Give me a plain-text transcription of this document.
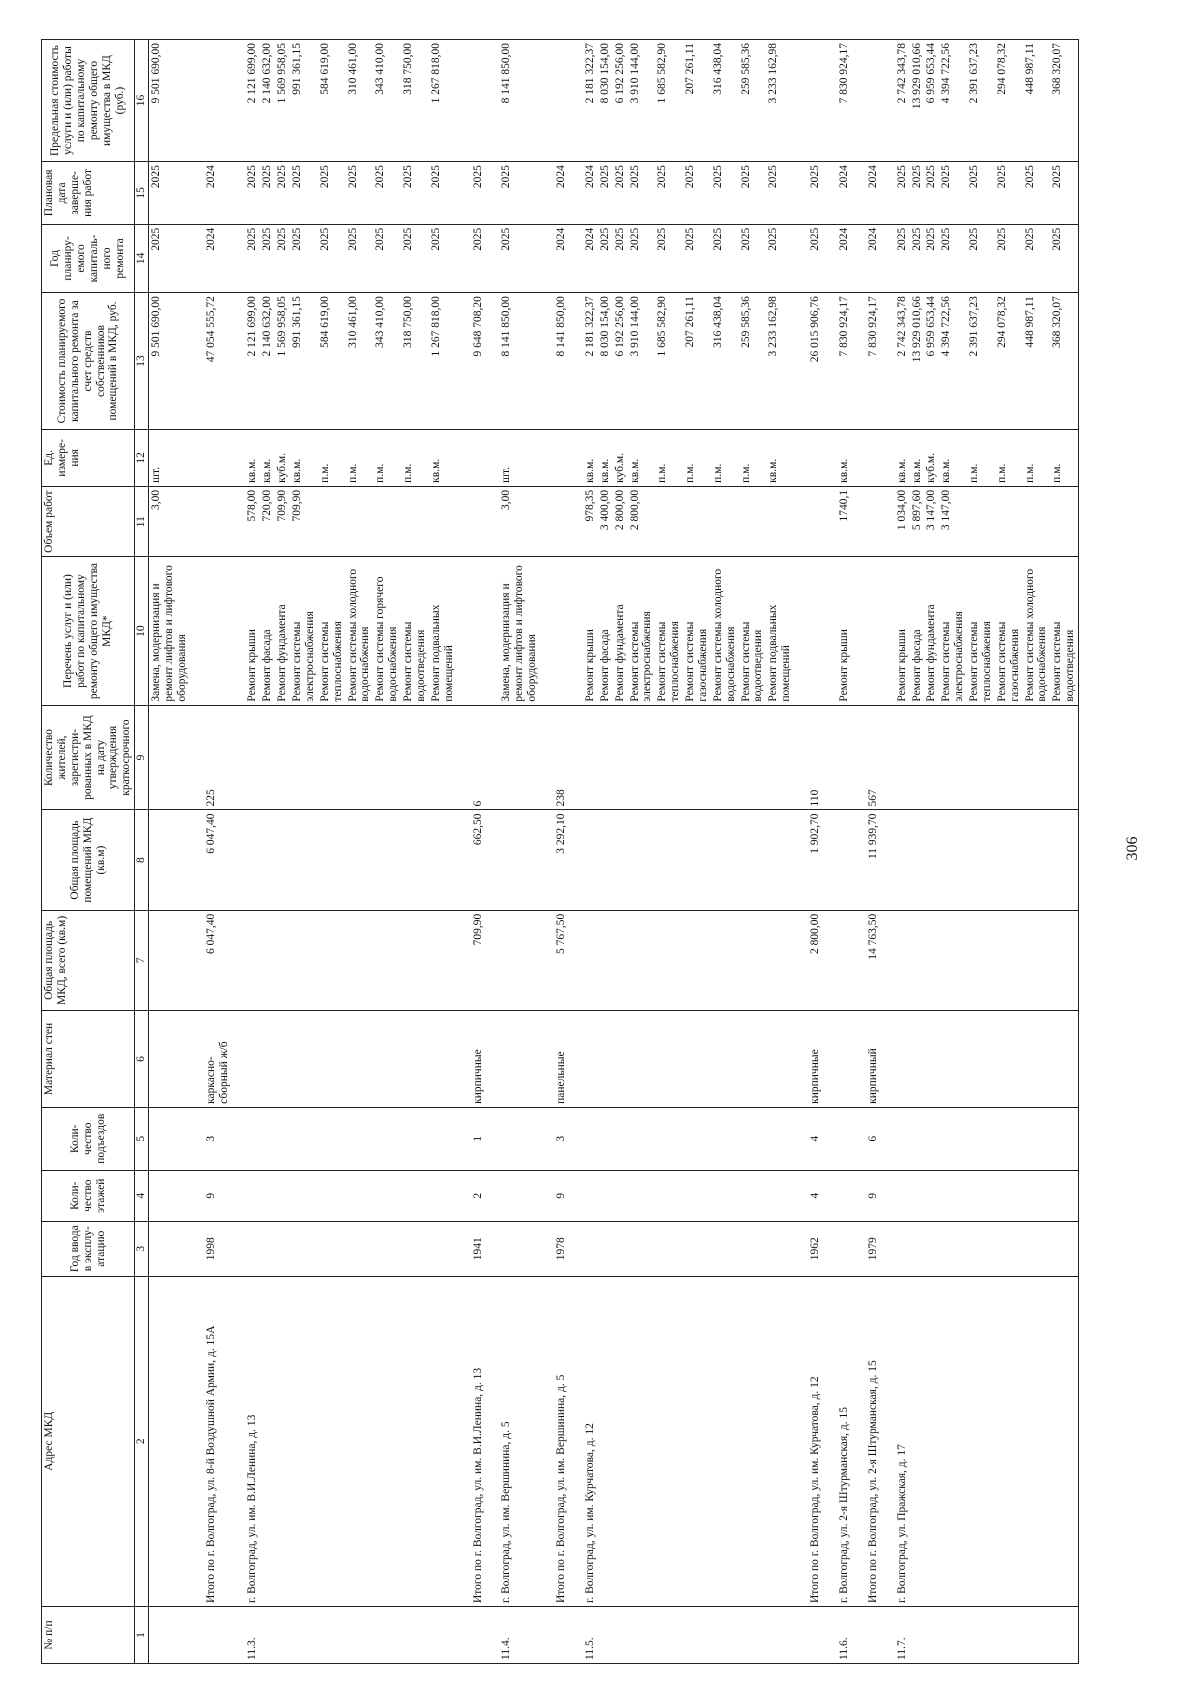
№ п/п	Адрес МКД	Год ввода в эксплу-атацию	Коли-чество этажей	Коли-чество подъездов	Материал стен	Общая площадь МКД, всего (кв.м)	Общая площадь помещений МКД (кв.м)	Количество жителей, зарегистри-рованных в МКД на дату утверждения краткосрочного	Перечень услуг и (или) работ по капитальному ремонту общего имущества МКД*	Объем работ	Ед. измере-ния	Стоимость планируемого капитального ремонта за счет средств собственников помещений в МКД, руб.	Год планиру-емого капиталь-ного ремонта	Плановая дата заверше-ния работ	Предельная стоимость услуги и (или) работы по капитальному ремонту общего имущества в МКД (руб.)
1	2	3	4	5	6	7	8	9	10	11	12	13	14	15	16
									Замена, модернизация и ремонт лифтов и лифтового оборудования	3,00	шт.	9 501 690,00	2025	2025	9 501 690,00

	Итого по г. Волгоград, ул. 8-й Воздушной Армии, д. 15А	1998	9	3	каркасно-сборный ж/б	6 047,40	6 047,40	225				47 054 555,72	2024	2024	

11.3.	г. Волгоград, ул. им. В.И.Ленина, д. 13								Ремонт крыши	578,00	кв.м.	2 121 699,00	2025	2025	2 121 699,00
									Ремонт фасада	720,00	кв.м.	2 140 632,00	2025	2025	2 140 632,00
									Ремонт фундамента	709,90	куб.м.	1 569 958,05	2025	2025	1 569 958,05
									Ремонт системы электроснабжения	709,90	кв.м.	991 361,15	2025	2025	991 361,15
									Ремонт системы теплоснабжения		п.м.	584 619,00	2025	2025	584 619,00
									Ремонт системы холодного водоснабжения		п.м.	310 461,00	2025	2025	310 461,00
									Ремонт системы горячего водоснабжения		п.м.	343 410,00	2025	2025	343 410,00
									Ремонт системы водоотведения		п.м.	318 750,00	2025	2025	318 750,00
									Ремонт подвальных помещений		кв.м.	1 267 818,00	2025	2025	1 267 818,00

	Итого по г. Волгоград, ул. им. В.И.Ленина, д. 13	1941	2	1	кирпичные	709,90	662,50	6				9 648 708,20	2025	2025	

11.4.	г. Волгоград, ул. им. Вершинина, д. 5								Замена, модернизация и ремонт лифтов и лифтового оборудования	3,00	шт.	8 141 850,00	2025	2025	8 141 850,00

	Итого по г. Волгоград, ул. им. Вершинина, д. 5	1978	9	3	панельные	5 767,50	3 292,10	238				8 141 850,00	2024	2024	

11.5.	г. Волгоград, ул. им. Курчатова, д. 12								Ремонт крыши	978,35	кв.м.	2 181 322,37	2024	2024	2 181 322,37
									Ремонт фасада	3 400,00	кв.м.	8 030 154,00	2025	2025	8 030 154,00
									Ремонт фундамента	2 800,00	куб.м.	6 192 256,00	2025	2025	6 192 256,00
									Ремонт системы электроснабжения	2 800,00	кв.м.	3 910 144,00	2025	2025	3 910 144,00
									Ремонт системы теплоснабжения		п.м.	1 685 582,90	2025	2025	1 685 582,90
									Ремонт системы газоснабжения		п.м.	207 261,11	2025	2025	207 261,11
									Ремонт системы холодного водоснабжения		п.м.	316 438,04	2025	2025	316 438,04
									Ремонт системы водоотведения		п.м.	259 585,36	2025	2025	259 585,36
									Ремонт подвальных помещений		кв.м.	3 233 162,98	2025	2025	3 233 162,98

	Итого по г. Волгоград, ул. им. Курчатова, д. 12	1962	4	4	кирпичные	2 800,00	1 902,70	110				26 015 906,76	2025	2025	

11.6.	г. Волгоград, ул. 2-я Штурманская, д. 15								Ремонт крыши	1740,1	кв.м.	7 830 924,17	2024	2024	7 830 924,17

	Итого по г. Волгоград, ул. 2-я Штурманская, д. 15	1979	9	6	кирпичный	14 763,50	11 939,70	567				7 830 924,17	2024	2024	

11.7.	г. Волгоград, ул. Пражская, д. 17								Ремонт крыши	1 034,00	кв.м.	2 742 343,78	2025	2025	2 742 343,78
									Ремонт фасада	5 897,60	кв.м.	13 929 010,66	2025	2025	13 929 010,66
									Ремонт фундамента	3 147,00	куб.м.	6 959 653,44	2025	2025	6 959 653,44
									Ремонт системы электроснабжения	3 147,00	кв.м.	4 394 722,56	2025	2025	4 394 722,56
									Ремонт системы теплоснабжения		п.м.	2 391 637,23	2025	2025	2 391 637,23
									Ремонт системы газоснабжения		п.м.	294 078,32	2025	2025	294 078,32
									Ремонт системы холодного водоснабжения		п.м.	448 987,11	2025	2025	448 987,11
									Ремонт системы водоотведения		п.м.	368 320,07	2025	2025	368 320,07
306
